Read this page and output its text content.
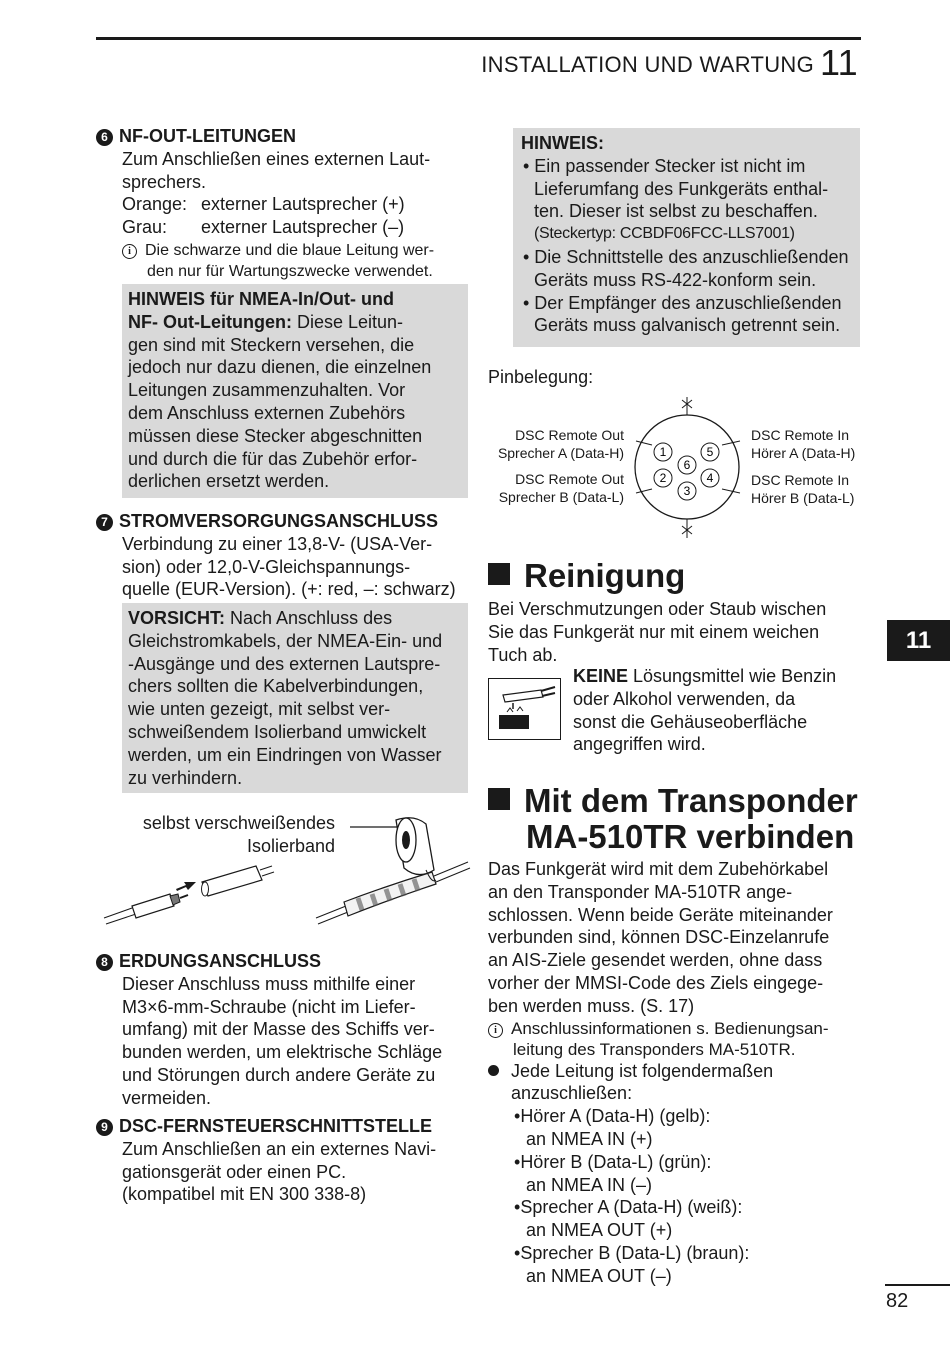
INSTALLATION UND WARTUNG 11
6 NF-OUT-LEITUNGEN
Zum Anschließen eines externen Laut-
sprechers.
Orange: externer Lautsprecher (+)
Grau: externer Lautsprecher (–)
i Die schwarze und die blaue Leitung wer-
den nur für Wartungszwecke verwendet.
HINWEIS für NMEA-In/Out- und
NF- Out-Leitungen: Diese Leitun-
gen sind mit Steckern versehen, die
jedoch nur dazu dienen, die einzelnen
Leitungen zusammenzuhalten. Vor
dem Anschluss externen Zubehörs
müssen diese Stecker abgeschnitten
und durch die für das Zubehör erfor-
derlichen ersetzt werden.
7 STROMVERSORGUNGSANSCHLUSS
Verbindung zu einer 13,8-V- (USA-Ver-
sion) oder 12,0-V-Gleichspannungs-
quelle (EUR-Version). (+: red, –: schwarz)
VORSICHT: Nach Anschluss des
Gleichstromkabels, der NMEA-Ein- und
-Ausgänge und des externen Lautspre-
chers sollten die Kabelverbindungen,
wie unten gezeigt, mit selbst ver-
schweißendem Isolierband umwickelt
werden, um ein Eindringen von Wasser
zu verhindern.
selbst verschweißendes
Isolierband
8 ERDUNGSANSCHLUSS
Dieser Anschluss muss mithilfe einer
M3×6-mm-Schraube (nicht im Liefer-
umfang) mit der Masse des Schiffs ver-
bunden werden, um elektrische Schläge
und Störungen durch andere Geräte zu
vermeiden.
9 DSC-FERNSTEUERSCHNITTSTELLE
Zum Anschließen an ein externes Navi-
gationsgerät oder einen PC.
(kompatibel mit EN 300 338-8)
HINWEIS:
• Ein passender Stecker ist nicht im
Lieferumfang des Funkgeräts enthal-
ten. Dieser ist selbst zu beschaffen.
(Steckertyp: CCBDF06FCC-LLS7001)
• Die Schnittstelle des anzuschließenden
Geräts muss RS-422-konform sein.
• Der Empfänger des anzuschließenden
Geräts muss galvanisch getrennt sein.
Pinbelegung:
DSC Remote Out
Sprecher A (Data-H)
DSC Remote Out
Sprecher B (Data-L)
DSC Remote In
Hörer A (Data-H)
DSC Remote In
Hörer B (Data-L)
1
2
3
4
5
6
Reinigung
Bei Verschmutzungen oder Staub wischen
Sie das Funkgerät nur mit einem weichen
Tuch ab.
KEINE Lösungsmittel wie Benzin
oder Alkohol verwenden, da
sonst die Gehäuseoberfläche
angegriffen wird.
Mit dem Transponder
MA-510TR verbinden
Das Funkgerät wird mit dem Zubehörkabel
an den Transponder MA-510TR ange-
schlossen. Wenn beide Geräte miteinander
verbunden sind, können DSC-Einzelanrufe
an AIS-Ziele gesendet werden, ohne dass
vorher der MMSI-Code des Ziels eingege-
ben werden muss. (S. 17)
i Anschlussinformationen s. Bedienungsan-
leitung des Transponders MA-510TR.
Jede Leitung ist folgendermaßen
anzuschließen:
•Hörer A (Data-H) (gelb):
an NMEA IN (+)
•Hörer B (Data-L) (grün):
an NMEA IN (–)
•Sprecher A (Data-H) (weiß):
an NMEA OUT (+)
•Sprecher B (Data-L) (braun):
an NMEA OUT (–)
11
82
